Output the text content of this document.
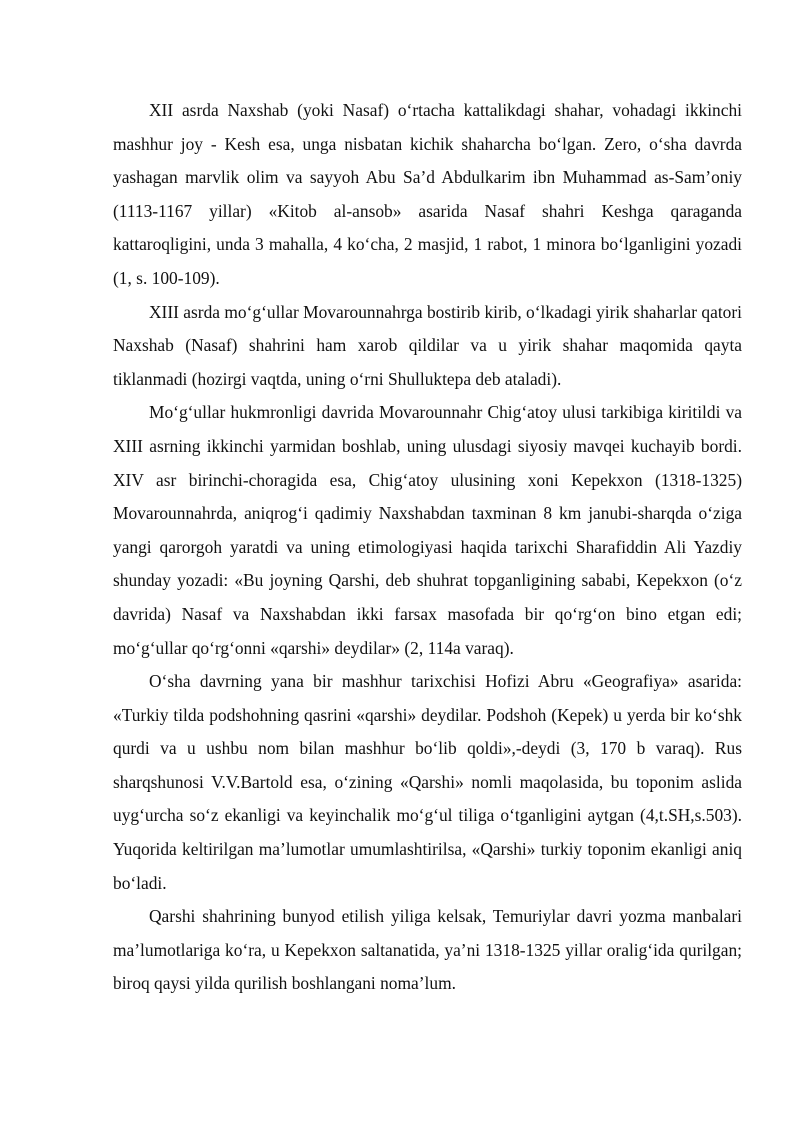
XII asrda Naxshab (yoki Nasaf) o‘rtacha kattalikdagi shahar, vohadagi ikkinchi mashhur joy - Kesh esa, unga nisbatan kichik shaharcha bo‘lgan. Zero, o‘sha davrda yashagan marvlik olim va sayyoh Abu Sa’d Abdulkarim ibn Muhammad as-Sam’oniy (1113-1167 yillar) «Kitob al-ansob» asarida Nasaf shahri Keshga qaraganda kattaroqligini, unda 3 mahalla, 4 ko‘cha, 2 masjid, 1 rabot, 1 minora bo‘lganligini yozadi (1, s. 100-109).

XIII asrda mo‘g‘ullar Movarounnahrga bostirib kirib, o‘lkadagi yirik shaharlar qatori Naxshab (Nasaf) shahrini ham xarob qildilar va u yirik shahar maqomida qayta tiklanmadi (hozirgi vaqtda, uning o‘rni Shulluktepa deb ataladi).

Mo‘g‘ullar hukmronligi davrida Movarounnahr Chig‘atoy ulusi tarkibiga kiritildi va XIII asrning ikkinchi yarmidan boshlab, uning ulusdagi siyosiy mavqei kuchayib bordi. XIV asr birinchi-choragida esa, Chig‘atoy ulusining xoni Kepekxon (1318-1325) Movarounnahrda, aniqrog‘i qadimiy Naxshabdan taxminan 8 km janubi-sharqda o‘ziga yangi qarorgoh yaratdi va uning etimologiyasi haqida tarixchi Sharafiddin Ali Yazdiy shunday yozadi: «Bu joyning Qarshi, deb shuhrat topganligining sababi, Kepekxon (o‘z davrida) Nasaf va Naxshabdan ikki farsax masofada bir qo‘rg‘on bino etgan edi; mo‘g‘ullar qo‘rg‘onni «qarshi» deydilar» (2, 114a varaq).

O‘sha davrning yana bir mashhur tarixchisi Hofizi Abru «Geografiya» asarida: «Turkiy tilda podshohning qasrini «qarshi» deydilar. Podshoh (Kepek) u yerda bir ko‘shk qurdi va u ushbu nom bilan mashhur bo‘lib qoldi»,-deydi (3, 170 b varaq). Rus sharqshunosi V.V.Bartold esa, o‘zining «Qarshi» nomli maqolasida, bu toponim aslida uyg‘urcha so‘z ekanligi va keyinchalik mo‘g‘ul tiliga o‘tganligini aytgan (4,t.SH,s.503). Yuqorida keltirilgan ma’lumotlar umumlashtirilsa, «Qarshi» turkiy toponim ekanligi aniq bo‘ladi.

Qarshi shahrining bunyod etilish yiliga kelsak, Temuriylar davri yozma manbalari ma’lumotlariga ko‘ra, u Kepekxon saltanatida, ya’ni 1318-1325 yillar oralig‘ida qurilgan; biroq qaysi yilda qurilish boshlangani noma’lum.
